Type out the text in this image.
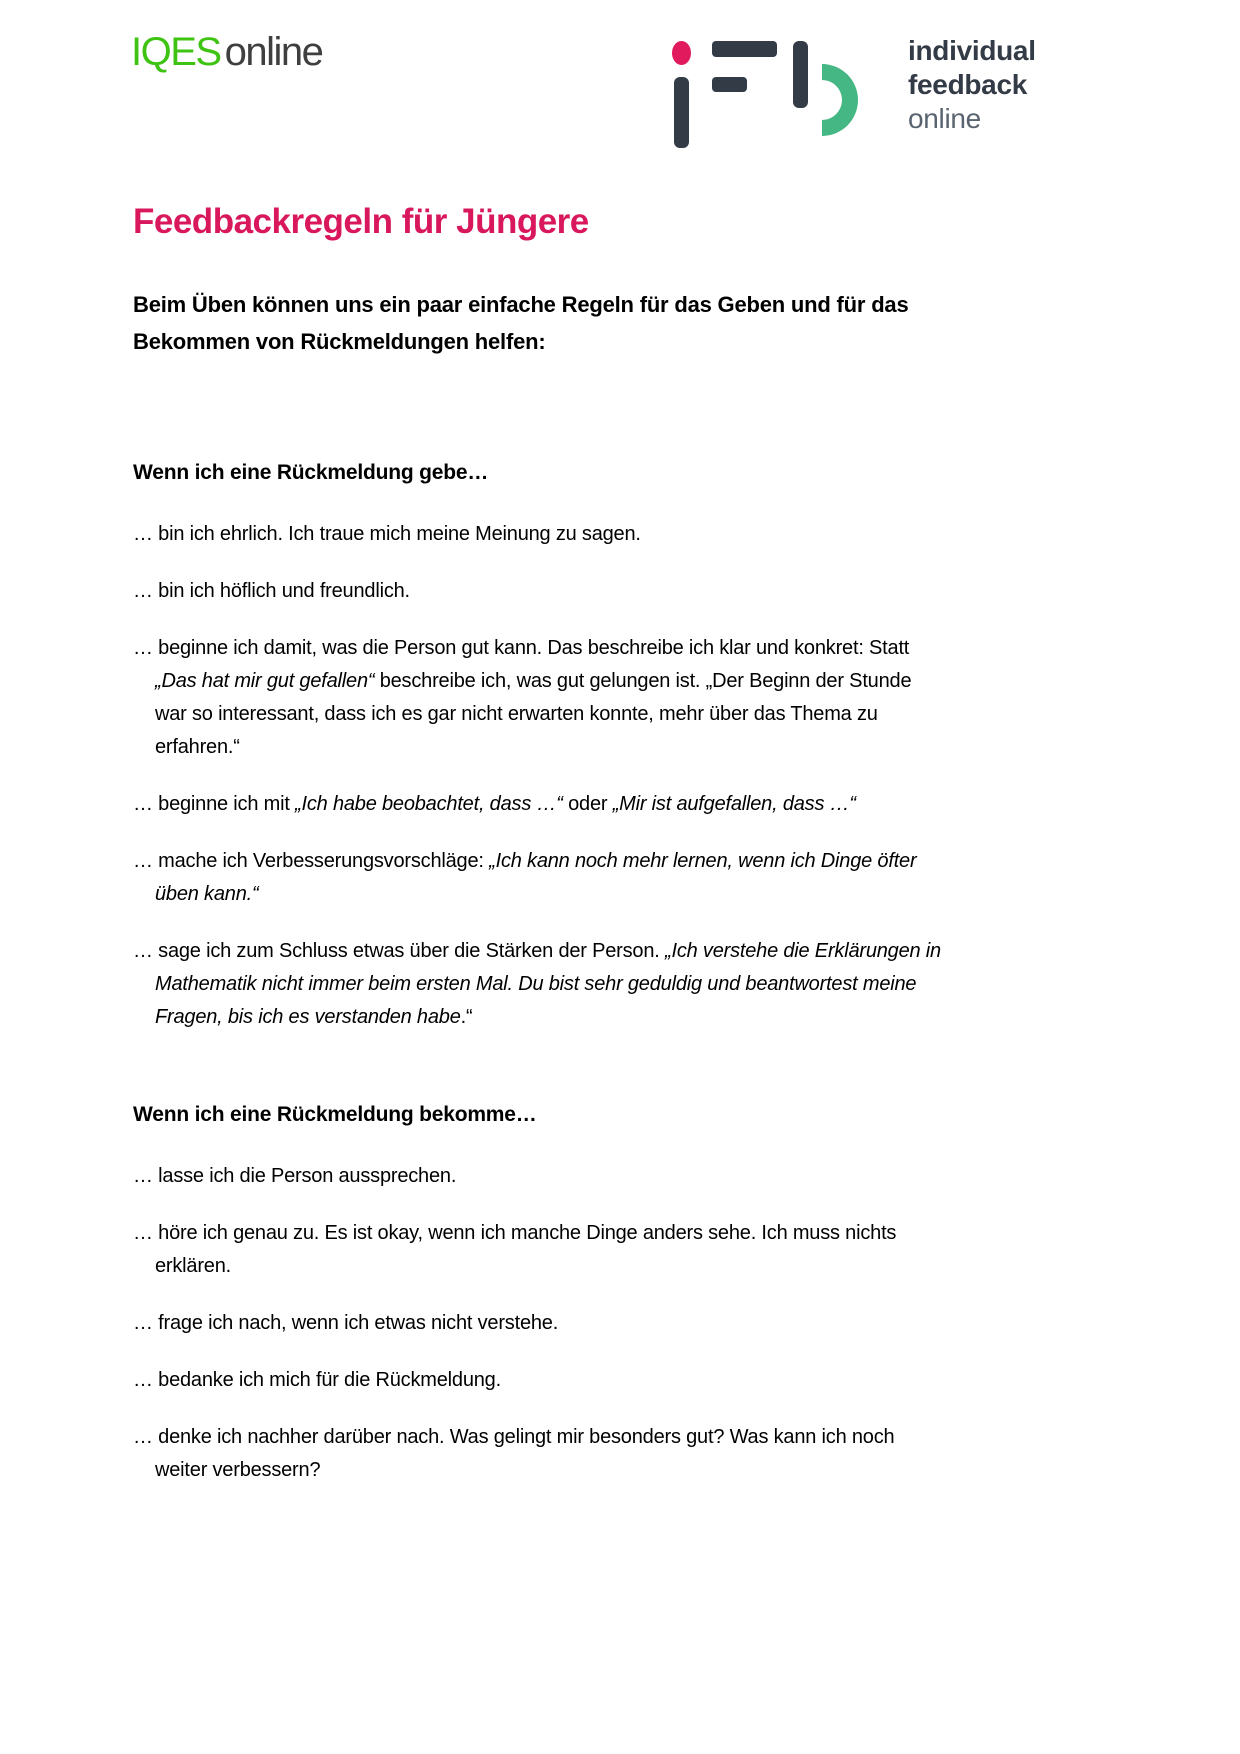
IQES online	individual
feedback
online
Feedbackregeln für Jüngere

Beim Üben können uns ein paar einfache Regeln für das Geben und für das
Bekommen von Rückmeldungen helfen:

Wenn ich eine Rückmeldung gebe…

… bin ich ehrlich. Ich traue mich meine Meinung zu sagen.

… bin ich höflich und freundlich.

… beginne ich damit, was die Person gut kann. Das beschreibe ich klar und konkret: Statt
„Das hat mir gut gefallen“ beschreibe ich, was gut gelungen ist. „Der Beginn der Stunde
war so interessant, dass ich es gar nicht erwarten konnte, mehr über das Thema zu
erfahren.“

… beginne ich mit „Ich habe beobachtet, dass …“ oder „Mir ist aufgefallen, dass …“

… mache ich Verbesserungsvorschläge: „Ich kann noch mehr lernen, wenn ich Dinge öfter
üben kann.“

… sage ich zum Schluss etwas über die Stärken der Person. „Ich verstehe die Erklärungen in
Mathematik nicht immer beim ersten Mal. Du bist sehr geduldig und beantwortest meine
Fragen, bis ich es verstanden habe.“

Wenn ich eine Rückmeldung bekomme…

… lasse ich die Person aussprechen.

… höre ich genau zu. Es ist okay, wenn ich manche Dinge anders sehe. Ich muss nichts
erklären.

… frage ich nach, wenn ich etwas nicht verstehe.

… bedanke ich mich für die Rückmeldung.

… denke ich nachher darüber nach. Was gelingt mir besonders gut? Was kann ich noch
weiter verbessern?
